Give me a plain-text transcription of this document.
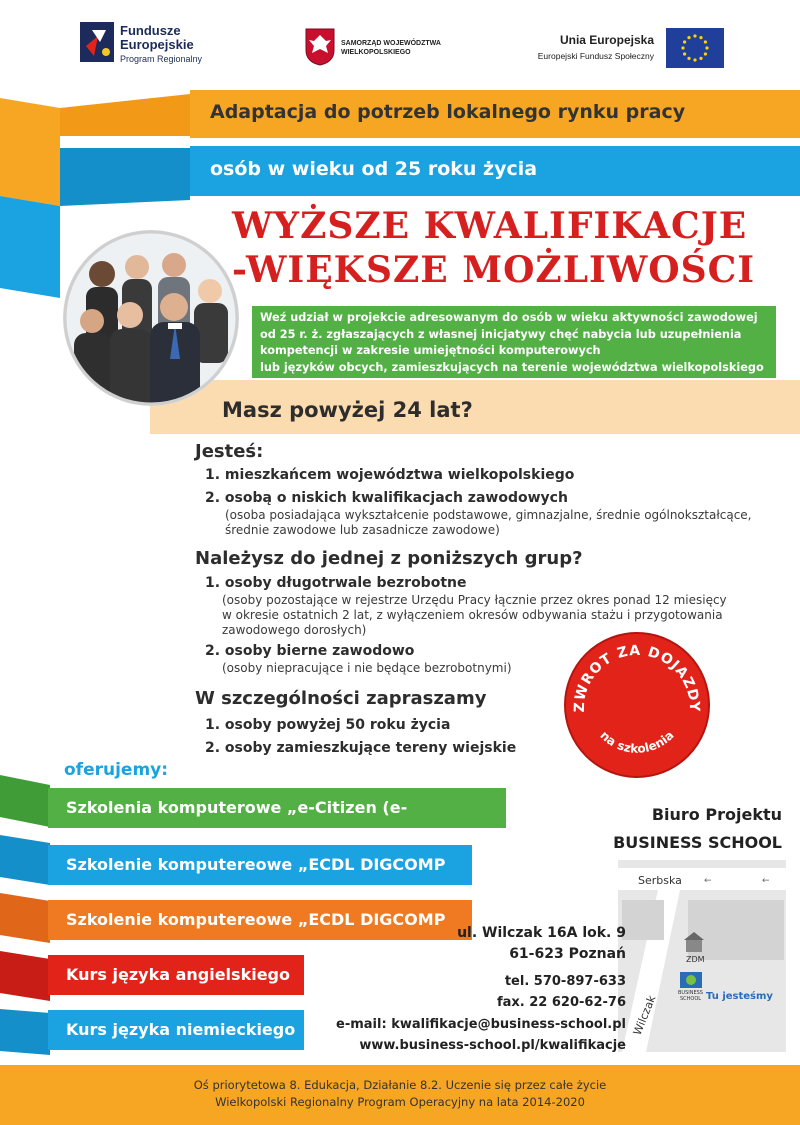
Fundusze
Europejskie
Program Regionalny
SAMORZĄD WOJEWÓDZTWA
WIELKOPOLSKIEGO
Unia Europejska
Europejski Fundusz Społeczny
Adaptacja do potrzeb lokalnego rynku pracy
osób w wieku od 25 roku życia
WYŻSZE KWALIFIKACJE
-WIĘKSZE MOŻLIWOŚCI
Weź udział w projekcie adresowanym do osób w wieku aktywności zawodowej
od 25 r. ż. zgłaszających z własnej inicjatywy chęć nabycia lub uzupełnienia
kompetencji w zakresie umiejętności komputerowych
lub języków obcych, zamieszkujących na terenie województwa wielkopolskiego
Masz powyżej 24 lat?
Jesteś:
1. mieszkańcem województwa wielkopolskiego
2. osobą o niskich kwalifikacjach zawodowych
(osoba posiadająca wykształcenie podstawowe, gimnazjalne, średnie ogólnokształcące,
średnie zawodowe lub zasadnicze zawodowe)
Należysz do jednej z poniższych grup?
1. osoby długotrwale bezrobotne
(osoby pozostające w rejestrze Urzędu Pracy łącznie przez okres ponad 12 miesięcy
w okresie ostatnich 2 lat, z wyłączeniem okresów odbywania stażu i przygotowania
zawodowego dorosłych)
2. osoby bierne zawodowo
(osoby niepracujące i nie będące bezrobotnymi)
W szczególności zapraszamy
1. osoby powyżej 50 roku życia
2. osoby zamieszkujące tereny wiejskie
ZWROT ZA DOJAZDY
na szkolenia
oferujemy:
Szkolenia komputerowe „e-Citizen (e-
Szkolenie komputereowe „ECDL DIGCOMP
Szkolenie komputereowe „ECDL DIGCOMP
Kurs języka angielskiego
Kurs języka niemieckiego
Biuro Projektu
BUSINESS SCHOOL
Serbska ←	←
Wilczak
ZDM
BUSINESS
SCHOOL Tu jesteśmy
ul. Wilczak 16A lok. 9
61-623 Poznań
tel. 570-897-633
fax. 22 620-62-76
e-mail: kwalifikacje@business-school.pl
www.business-school.pl/kwalifikacje
Oś priorytetowa 8. Edukacja, Działanie 8.2. Uczenie się przez całe życie
Wielkopolski Regionalny Program Operacyjny na lata 2014-2020
